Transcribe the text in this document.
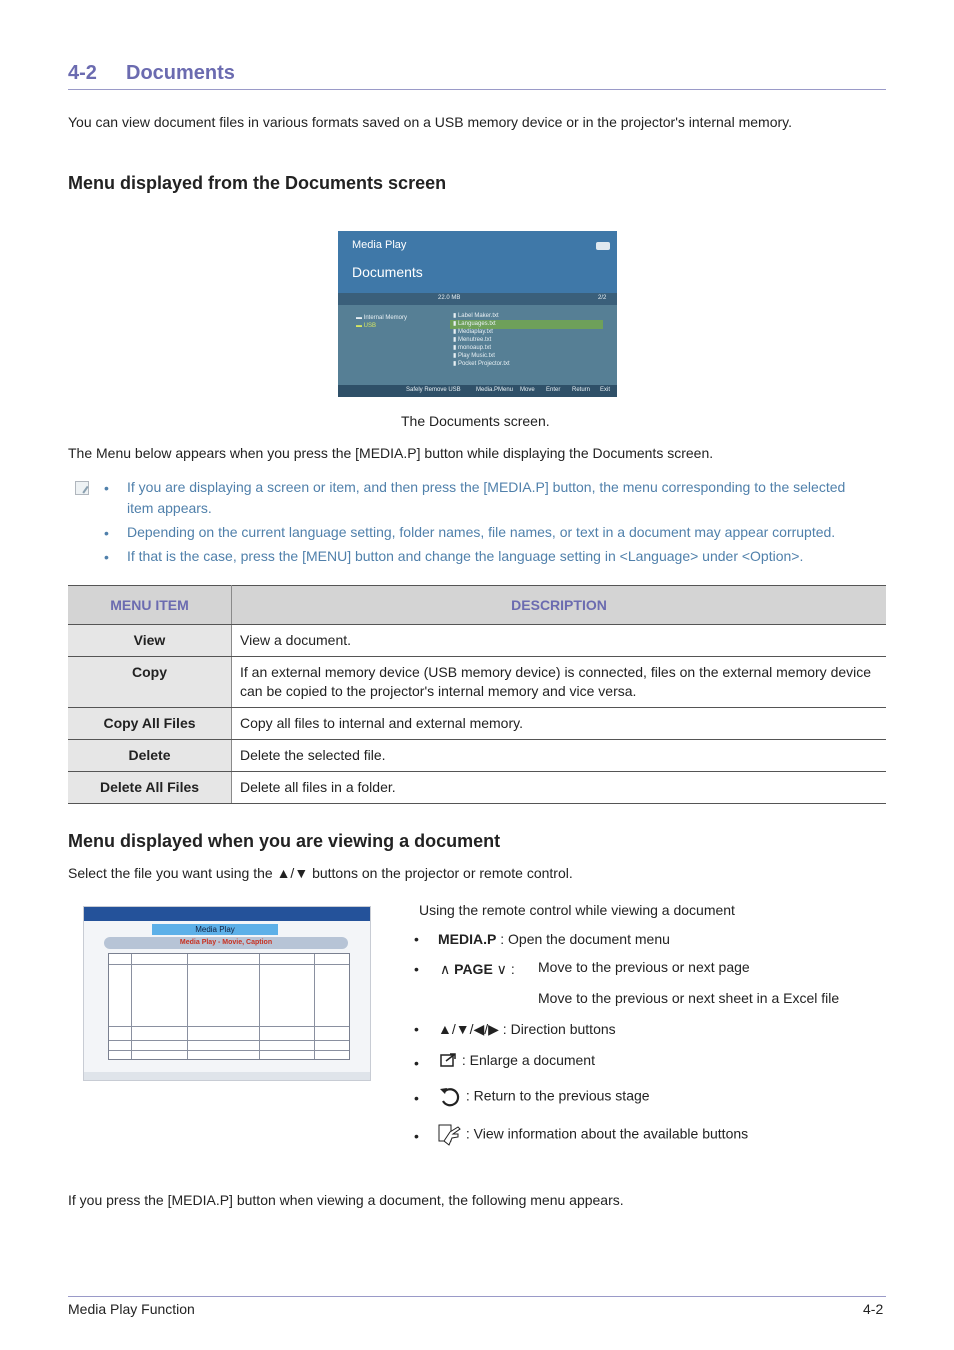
4-2 Documents
You can view document files in various formats saved on a USB memory device or in the projector's internal memory.
Menu displayed from the Documents screen
Media Play
Documents
22.0 MB	2/2
▬ Internal Memory
▬ USB
▮ Label Maker.txt
▮ Languages.txt
▮ Mediaplay.txt
▮ Menutree.txt
▮ monoaup.txt
▮ Play Music.txt
▮ Pocket Projector.txt
Safely Remove USB	Media.P Menu Move Enter Return Exit
The Documents screen.
The Menu below appears when you press the [MEDIA.P] button while displaying the Documents screen.
• If you are displaying a screen or item, and then press the [MEDIA.P] button, the menu corresponding to the selected
item appears.
• Depending on the current language setting, folder names, file names, or text in a document may appear corrupted.
• If that is the case, press the [MENU] button and change the language setting in <Language> under <Option>.
MENU ITEM	DESCRIPTION
View	View a document.
Copy	If an external memory device (USB memory device) is connected, files on the external memory device can be copied to the projector's internal memory and vice versa.
Copy All Files	Copy all files to internal and external memory.
Delete	Delete the selected file.
Delete All Files	Delete all files in a folder.
Menu displayed when you are viewing a document
Select the file you want using the ▲/▼ buttons on the projector or remote control.
Media Play
Media Play - Movie, Caption
Using the remote control while viewing a document
• MEDIA.P : Open the document menu
• ∧ PAGE ∨ : Move to the previous or next page
Move to the previous or next sheet in a Excel file
• ▲/▼/◀/▶ : Direction buttons
•	: Enlarge a document
•	: Return to the previous stage
•	: View information about the available buttons
If you press the [MEDIA.P] button when viewing a document, the following menu appears.
Media Play Function	4-2
